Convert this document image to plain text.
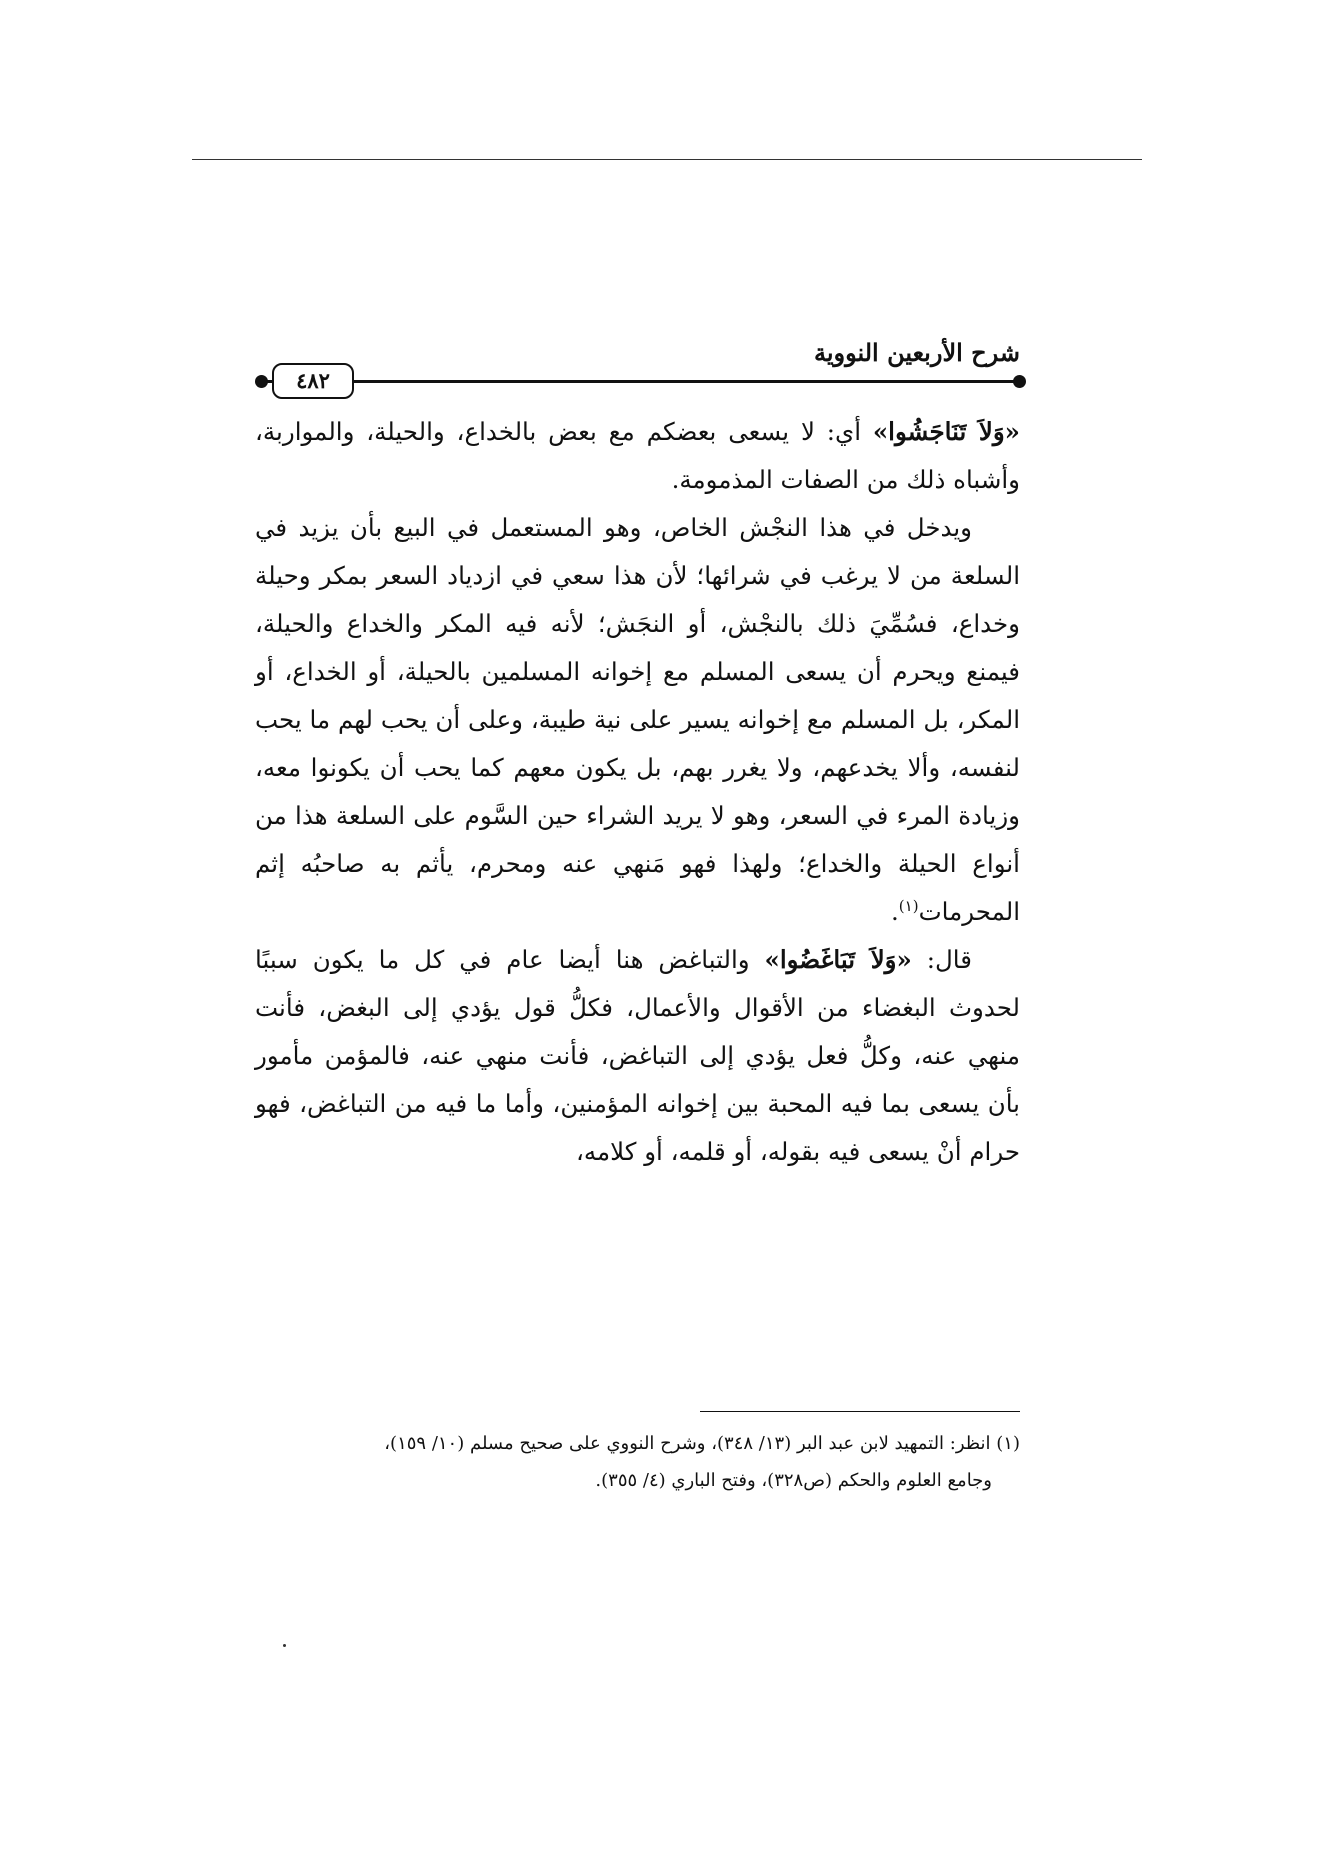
شرح الأربعين النووية
٤٨٢

«وَلاَ تَنَاجَشُوا» أي: لا يسعى بعضكم مع بعض بالخداع، والحيلة، والمواربة، وأشباه ذلك من الصفات المذمومة.

ويدخل في هذا النجْش الخاص، وهو المستعمل في البيع بأن يزيد في السلعة من لا يرغب في شرائها؛ لأن هذا سعي في ازدياد السعر بمكر وحيلة وخداع، فسُمِّيَ ذلك بالنجْش، أو النجَش؛ لأنه فيه المكر والخداع والحيلة، فيمنع ويحرم أن يسعى المسلم مع إخوانه المسلمين بالحيلة، أو الخداع، أو المكر، بل المسلم مع إخوانه يسير على نية طيبة، وعلى أن يحب لهم ما يحب لنفسه، وألا يخدعهم، ولا يغرر بهم، بل يكون معهم كما يحب أن يكونوا معه، وزيادة المرء في السعر، وهو لا يريد الشراء حين السَّوم على السلعة هذا من أنواع الحيلة والخداع؛ ولهذا فهو مَنهي عنه ومحرم، يأثم به صاحبُه إثم المحرمات$^{(١)}$.

قال: «وَلاَ تَبَاغَضُوا» والتباغض هنا أيضا عام في كل ما يكون سببًا لحدوث البغضاء من الأقوال والأعمال، فكلُّ قول يؤدي إلى البغض، فأنت منهي عنه، وكلُّ فعل يؤدي إلى التباغض، فأنت منهي عنه، فالمؤمن مأمور بأن يسعى بما فيه المحبة بين إخوانه المؤمنين، وأما ما فيه من التباغض، فهو حرام أنْ يسعى فيه بقوله، أو قلمه، أو كلامه،

(١) انظر: التمهيد لابن عبد البر (١٣/ ٣٤٨)، وشرح النووي على صحيح مسلم (١٠/ ١٥٩)،

وجامع العلوم والحكم (ص٣٢٨)، وفتح الباري (٤/ ٣٥٥).
